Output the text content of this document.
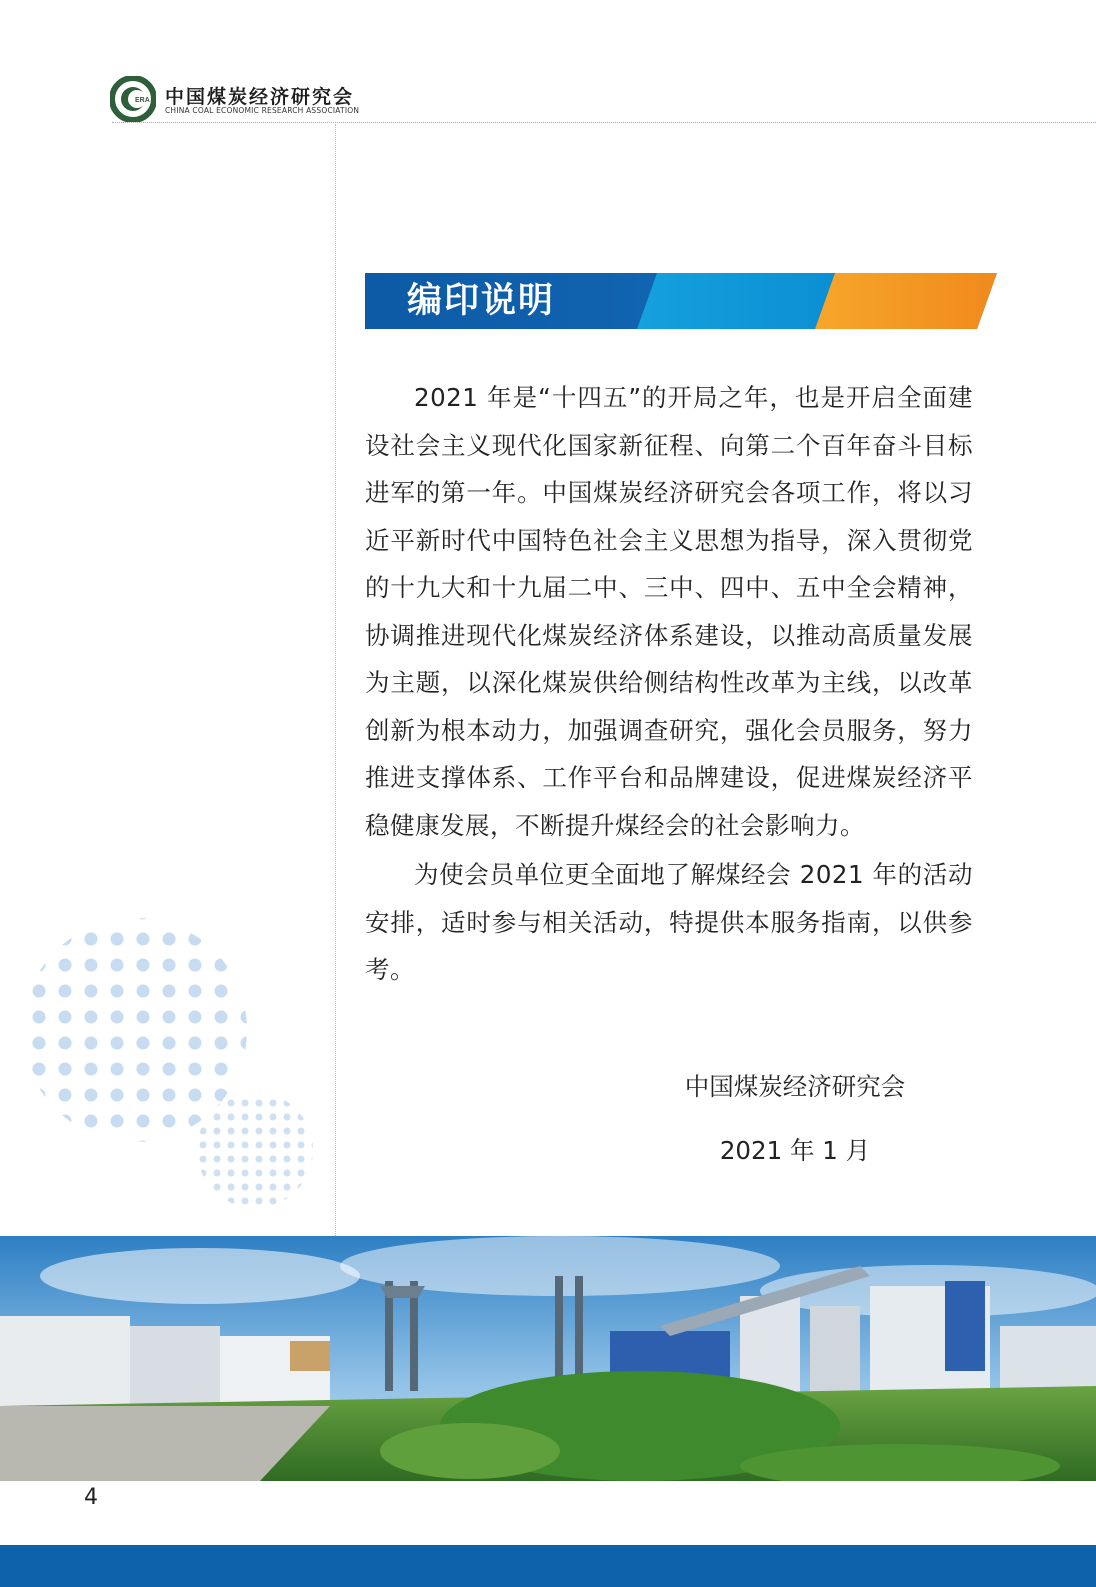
ERA 中国煤炭经济研究会
CHINA COAL ECONOMIC RESEARCH ASSOCIATION
编印说明

2021 年是“十四五”的开局之年，也是开启全面建设社会主义现代化国家新征程、向第二个百年奋斗目标进军的第一年。中国煤炭经济研究会各项工作，将以习近平新时代中国特色社会主义思想为指导，深入贯彻党的十九大和十九届二中、三中、四中、五中全会精神，协调推进现代化煤炭经济体系建设，以推动高质量发展为主题，以深化煤炭供给侧结构性改革为主线，以改革创新为根本动力，加强调查研究，强化会员服务，努力推进支撑体系、工作平台和品牌建设，促进煤炭经济平稳健康发展，不断提升煤经会的社会影响力。

为使会员单位更全面地了解煤经会 2021 年的活动安排，适时参与相关活动，特提供本服务指南，以供参考。

中国煤炭经济研究会
2021 年 1 月
4
